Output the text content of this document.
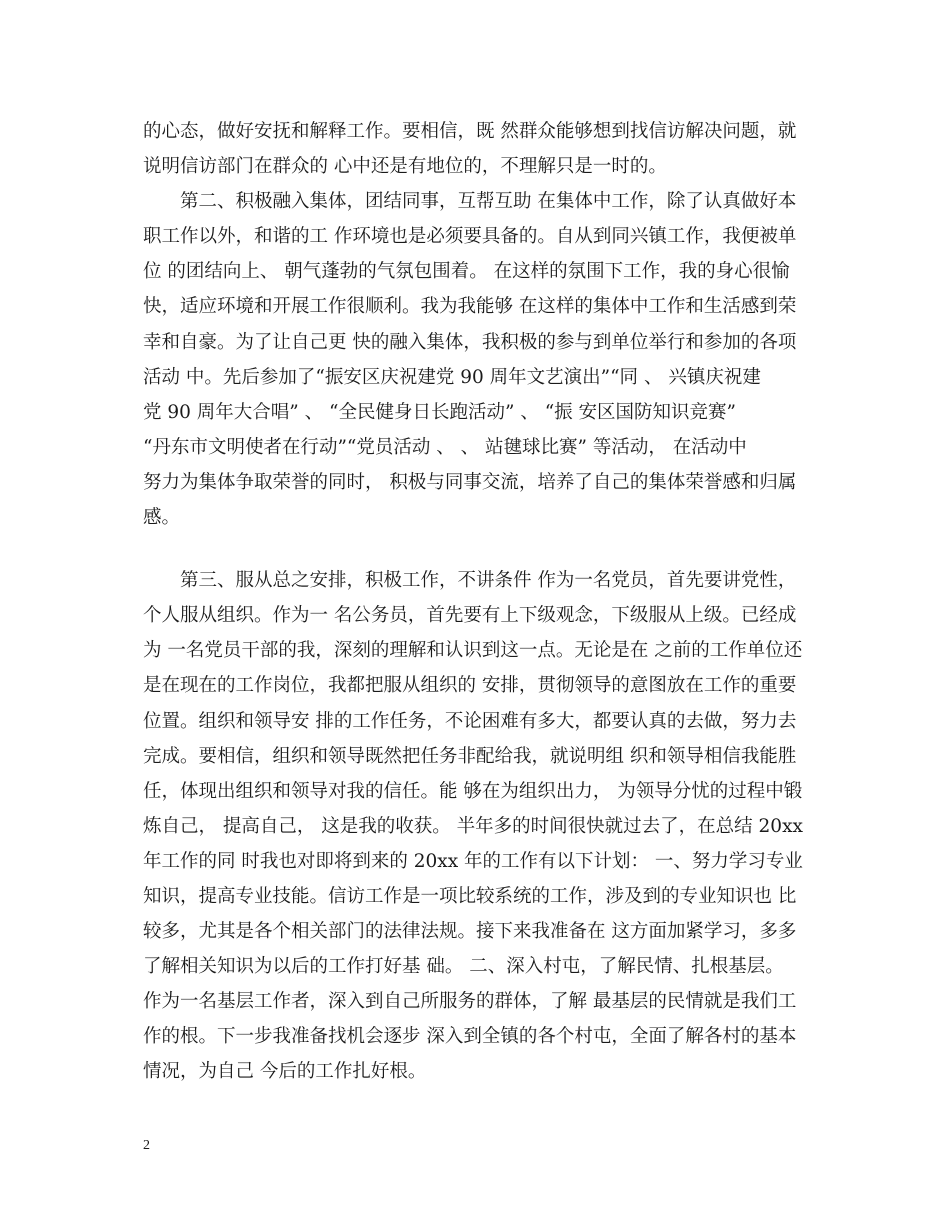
的心态，做好安抚和解释工作。要相信，既 然群众能够想到找信访解决问题，就
说明信访部门在群众的 心中还是有地位的，不理解只是一时的。
第二、积极融入集体，团结同事，互帮互助 在集体中工作，除了认真做好本
职工作以外，和谐的工 作环境也是必须要具备的。自从到同兴镇工作，我便被单
位 的团结向上、 朝气蓬勃的气氛包围着。 在这样的氛围下工作，我的身心很愉
快，适应环境和开展工作很顺利。我为我能够 在这样的集体中工作和生活感到荣
幸和自豪。为了让自己更 快的融入集体，我积极的参与到单位举行和参加的各项
活动 中。先后参加了“振安区庆祝建党 90 周年文艺演出”“同 、 兴镇庆祝建
党 90 周年大合唱” 、 “全民健身日长跑活动” 、 “振 安区国防知识竞赛”
“丹东市文明使者在行动”“党员活动 、 、 站毽球比赛” 等活动， 在活动中
努力为集体争取荣誉的同时， 积极与同事交流，培养了自己的集体荣誉感和归属
感。
第三、服从总之安排，积极工作，不讲条件 作为一名党员，首先要讲党性，
个人服从组织。作为一 名公务员，首先要有上下级观念，下级服从上级。已经成
为 一名党员干部的我，深刻的理解和认识到这一点。无论是在 之前的工作单位还
是在现在的工作岗位，我都把服从组织的 安排，贯彻领导的意图放在工作的重要
位置。组织和领导安 排的工作任务，不论困难有多大，都要认真的去做，努力去
完成。要相信，组织和领导既然把任务非配给我，就说明组 织和领导相信我能胜
任，体现出组织和领导对我的信任。能 够在为组织出力， 为领导分忧的过程中锻
炼自己， 提高自己， 这是我的收获。 半年多的时间很快就过去了，在总结 20xx
年工作的同 时我也对即将到来的 20xx 年的工作有以下计划： 一、努力学习专业
知识，提高专业技能。信访工作是一项比较系统的工作，涉及到的专业知识也 比
较多，尤其是各个相关部门的法律法规。接下来我准备在 这方面加紧学习，多多
了解相关知识为以后的工作打好基 础。 二、深入村屯，了解民情、扎根基层。
作为一名基层工作者，深入到自己所服务的群体，了解 最基层的民情就是我们工
作的根。下一步我准备找机会逐步 深入到全镇的各个村屯，全面了解各村的基本
情况，为自己 今后的工作扎好根。
2
